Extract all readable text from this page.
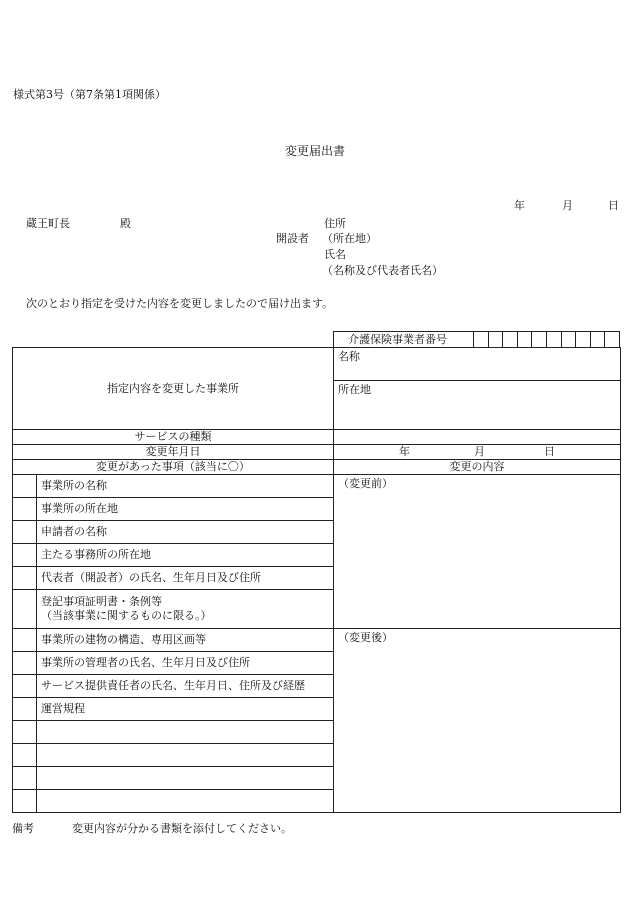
様式第3号（第7条第1項関係）
変更届出書
年	月	日
蔵王町長	殿	住所
開設者 （所在地）
氏名
（名称及び代表者氏名）
次のとおり指定を受けた内容を変更しましたので届け出ます。
介護保険事業者番号										
指定内容を変更した事業所		名称
		所在地
サービスの種類		
変更年月日		年 月 日

変更があった事項（該当に〇）		変更の内容
	事業所の名称	（変更前）
	事業所の所在地	
	申請者の名称	
	主たる事務所の所在地	
	代表者（開設者）の氏名、生年月日及び住所	

	登記事項証明書・条例等
（当該事業に関するものに限る。）	

	事業所の建物の構造、専用区画等	（変更後）
	事業所の管理者の氏名、生年月日及び住所	
	サービス提供責任者の氏名、生年月日、住所及び経歴	
	運営規程	

備考	変更内容が分かる書類を添付してください。
